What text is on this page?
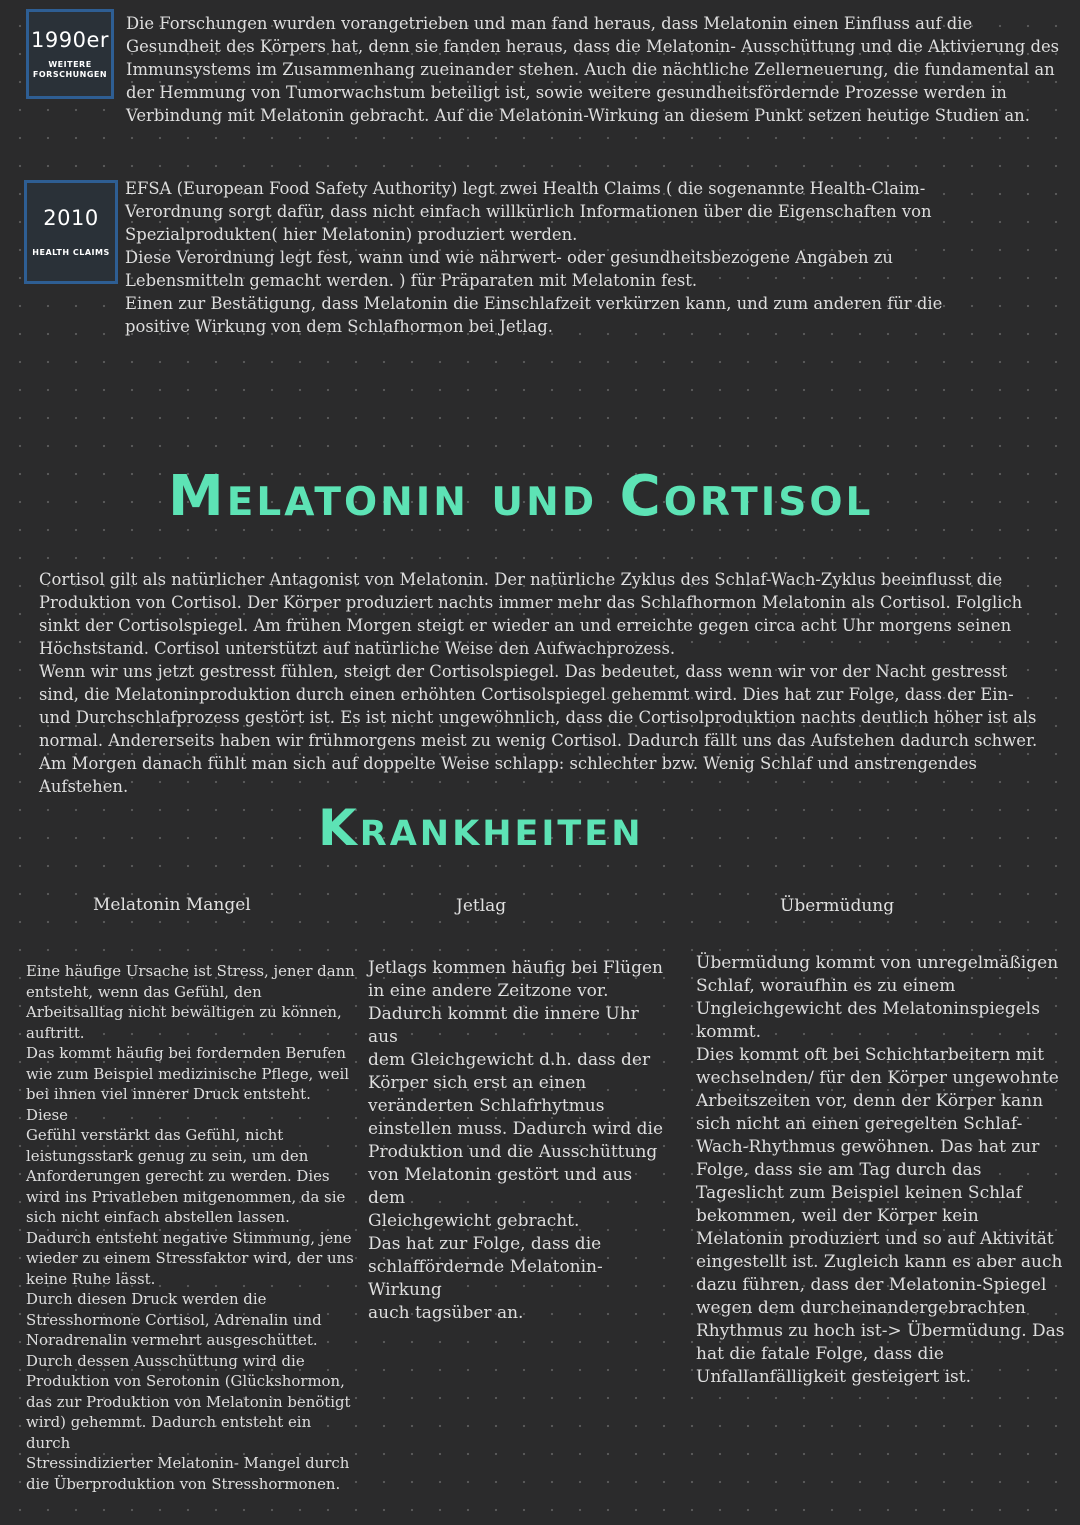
1990er
WEITERE FORSCHUNGEN

Die Forschungen wurden vorangetrieben und man fand heraus, dass Melatonin einen Einfluss auf die
Gesundheit des Körpers hat, denn sie fanden heraus, dass die Melatonin- Ausschüttung und die Aktivierung des
Immunsystems im Zusammenhang zueinander stehen. Auch die nächtliche Zellerneuerung, die fundamental an
der Hemmung von Tumorwachstum beteiligt ist, sowie weitere gesundheitsfördernde Prozesse werden in
Verbindung mit Melatonin gebracht. Auf die Melatonin-Wirkung an diesem Punkt setzen heutige Studien an.

2010
HEALTH CLAIMS

EFSA (European Food Safety Authority) legt zwei Health Claims ( die sogenannte Health-Claim-
Verordnung sorgt dafür, dass nicht einfach willkürlich Informationen über die Eigenschaften von
Spezialprodukten( hier Melatonin) produziert werden.
Diese Verordnung legt fest, wann und wie nährwert- oder gesundheitsbezogene Angaben zu
Lebensmitteln gemacht werden. ) für Präparaten mit Melatonin fest.
Einen zur Bestätigung, dass Melatonin die Einschlafzeit verkürzen kann, und zum anderen für die
positive Wirkung von dem Schlafhormon bei Jetlag.

Melatonin und Cortisol

Cortisol gilt als natürlicher Antagonist von Melatonin. Der natürliche Zyklus des Schlaf-Wach-Zyklus beeinflusst die
Produktion von Cortisol. Der Körper produziert nachts immer mehr das Schlafhormon Melatonin als Cortisol. Folglich
sinkt der Cortisolspiegel. Am frühen Morgen steigt er wieder an und erreichte gegen circa acht Uhr morgens seinen
Höchststand. Cortisol unterstützt auf natürliche Weise den Aufwachprozess.
Wenn wir uns jetzt gestresst fühlen, steigt der Cortisolspiegel. Das bedeutet, dass wenn wir vor der Nacht gestresst
sind, die Melatoninproduktion durch einen erhöhten Cortisolspiegel gehemmt wird. Dies hat zur Folge, dass der Ein-
und Durchschlafprozess gestört ist. Es ist nicht ungewöhnlich, dass die Cortisolproduktion nachts deutlich höher ist als
normal. Andererseits haben wir frühmorgens meist zu wenig Cortisol. Dadurch fällt uns das Aufstehen dadurch schwer.
Am Morgen danach fühlt man sich auf doppelte Weise schlapp: schlechter bzw. Wenig Schlaf und anstrengendes
Aufstehen.

Krankheiten
Melatonin Mangel	Jetlag	Übermüdung

Eine häufige Ursache ist Stress, jener dann
entsteht, wenn das Gefühl, den
Arbeitsalltag nicht bewältigen zu können,
auftritt.
Das kommt häufig bei fordernden Berufen
wie zum Beispiel medizinische Pflege, weil
bei ihnen viel innerer Druck entsteht. Diese
Gefühl verstärkt das Gefühl, nicht
leistungsstark genug zu sein, um den
Anforderungen gerecht zu werden. Dies
wird ins Privatleben mitgenommen, da sie
sich nicht einfach abstellen lassen.
Dadurch entsteht negative Stimmung, jene
wieder zu einem Stressfaktor wird, der uns
keine Ruhe lässt.
Durch diesen Druck werden die
Stresshormone Cortisol, Adrenalin und
Noradrenalin vermehrt ausgeschüttet.
Durch dessen Ausschüttung wird die
Produktion von Serotonin (Glückshormon,
das zur Produktion von Melatonin benötigt
wird) gehemmt. Dadurch entsteht ein durch
Stressindizierter Melatonin- Mangel durch
die Überproduktion von Stresshormonen.

Jetlags kommen häufig bei Flügen
in eine andere Zeitzone vor.
Dadurch kommt die innere Uhr aus
dem Gleichgewicht d.h. dass der
Körper sich erst an einen
veränderten Schlafrhytmus
einstellen muss. Dadurch wird die
Produktion und die Ausschüttung
von Melatonin gestört und aus dem
Gleichgewicht gebracht.
Das hat zur Folge, dass die
schlaffördernde Melatonin-Wirkung
auch tagsüber an.

Übermüdung kommt von unregelmäßigen
Schlaf, woraufhin es zu einem
Ungleichgewicht des Melatoninspiegels
kommt.
Dies kommt oft bei Schichtarbeitern mit
wechselnden/ für den Körper ungewohnte
Arbeitszeiten vor, denn der Körper kann
sich nicht an einen geregelten Schlaf-
Wach-Rhythmus gewöhnen. Das hat zur
Folge, dass sie am Tag durch das
Tageslicht zum Beispiel keinen Schlaf
bekommen, weil der Körper kein
Melatonin produziert und so auf Aktivität
eingestellt ist. Zugleich kann es aber auch
dazu führen, dass der Melatonin-Spiegel
wegen dem durcheinandergebrachten
Rhythmus zu hoch ist-> Übermüdung. Das
hat die fatale Folge, dass die
Unfallanfälligkeit gesteigert ist.
